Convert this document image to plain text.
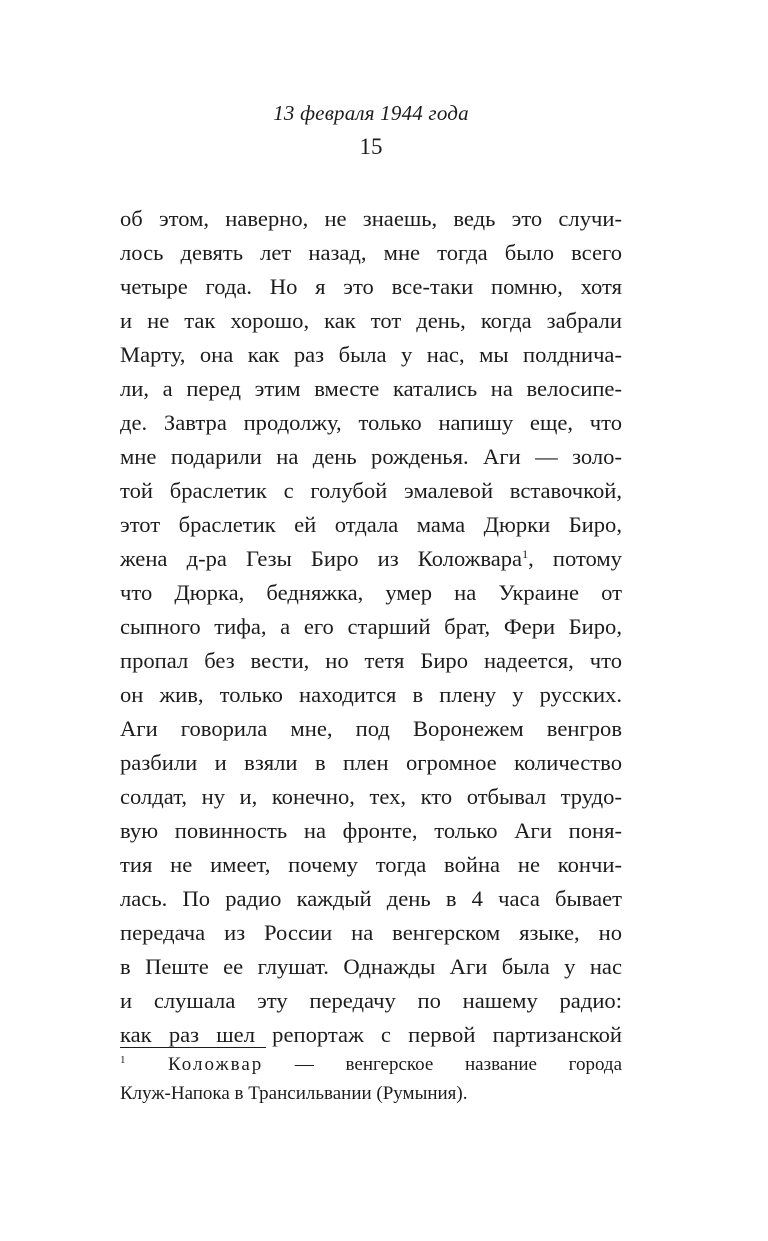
13 февраля 1944 года
15
об этом, наверно, не знаешь, ведь это случи-
лось девять лет назад, мне тогда было всего
четыре года. Но я это все-таки помню, хотя
и не так хорошо, как тот день, когда забрали
Марту, она как раз была у нас, мы полдничa-
ли, а перед этим вместе катались на велосипе-
де. Завтра продолжу, только напишу еще, что
мне подарили на день рожденья. Аги — золо-
той браслетик с голубой эмалевой вставочкой,
этот браслетик ей отдала мама Дюрки Биро,
жена д-ра Гезы Биро из Коложвара$^1$, потому
что Дюрка, бедняжка, умер на Украине от
сыпного тифа, а его старший брат, Фери Биро,
пропал без вести, но тетя Биро надеется, что
он жив, только находится в плену у русских.
Аги говорила мне, под Воронежем венгров
разбили и взяли в плен огромное количество
солдат, ну и, конечно, тех, кто отбывал трудо-
вую повинность на фронте, только Аги поня-
тия не имеет, почему тогда война не кончи-
лась. По радио каждый день в 4 часа бывает
передача из России на венгерском языке, но
в Пеште ее глушат. Однажды Аги была у нас
и слушала эту передачу по нашему радио:
как раз шел репортаж с первой партизанской
1 Коложвар — венгерское название города
Клуж-Напока в Трансильвании (Румыния).
